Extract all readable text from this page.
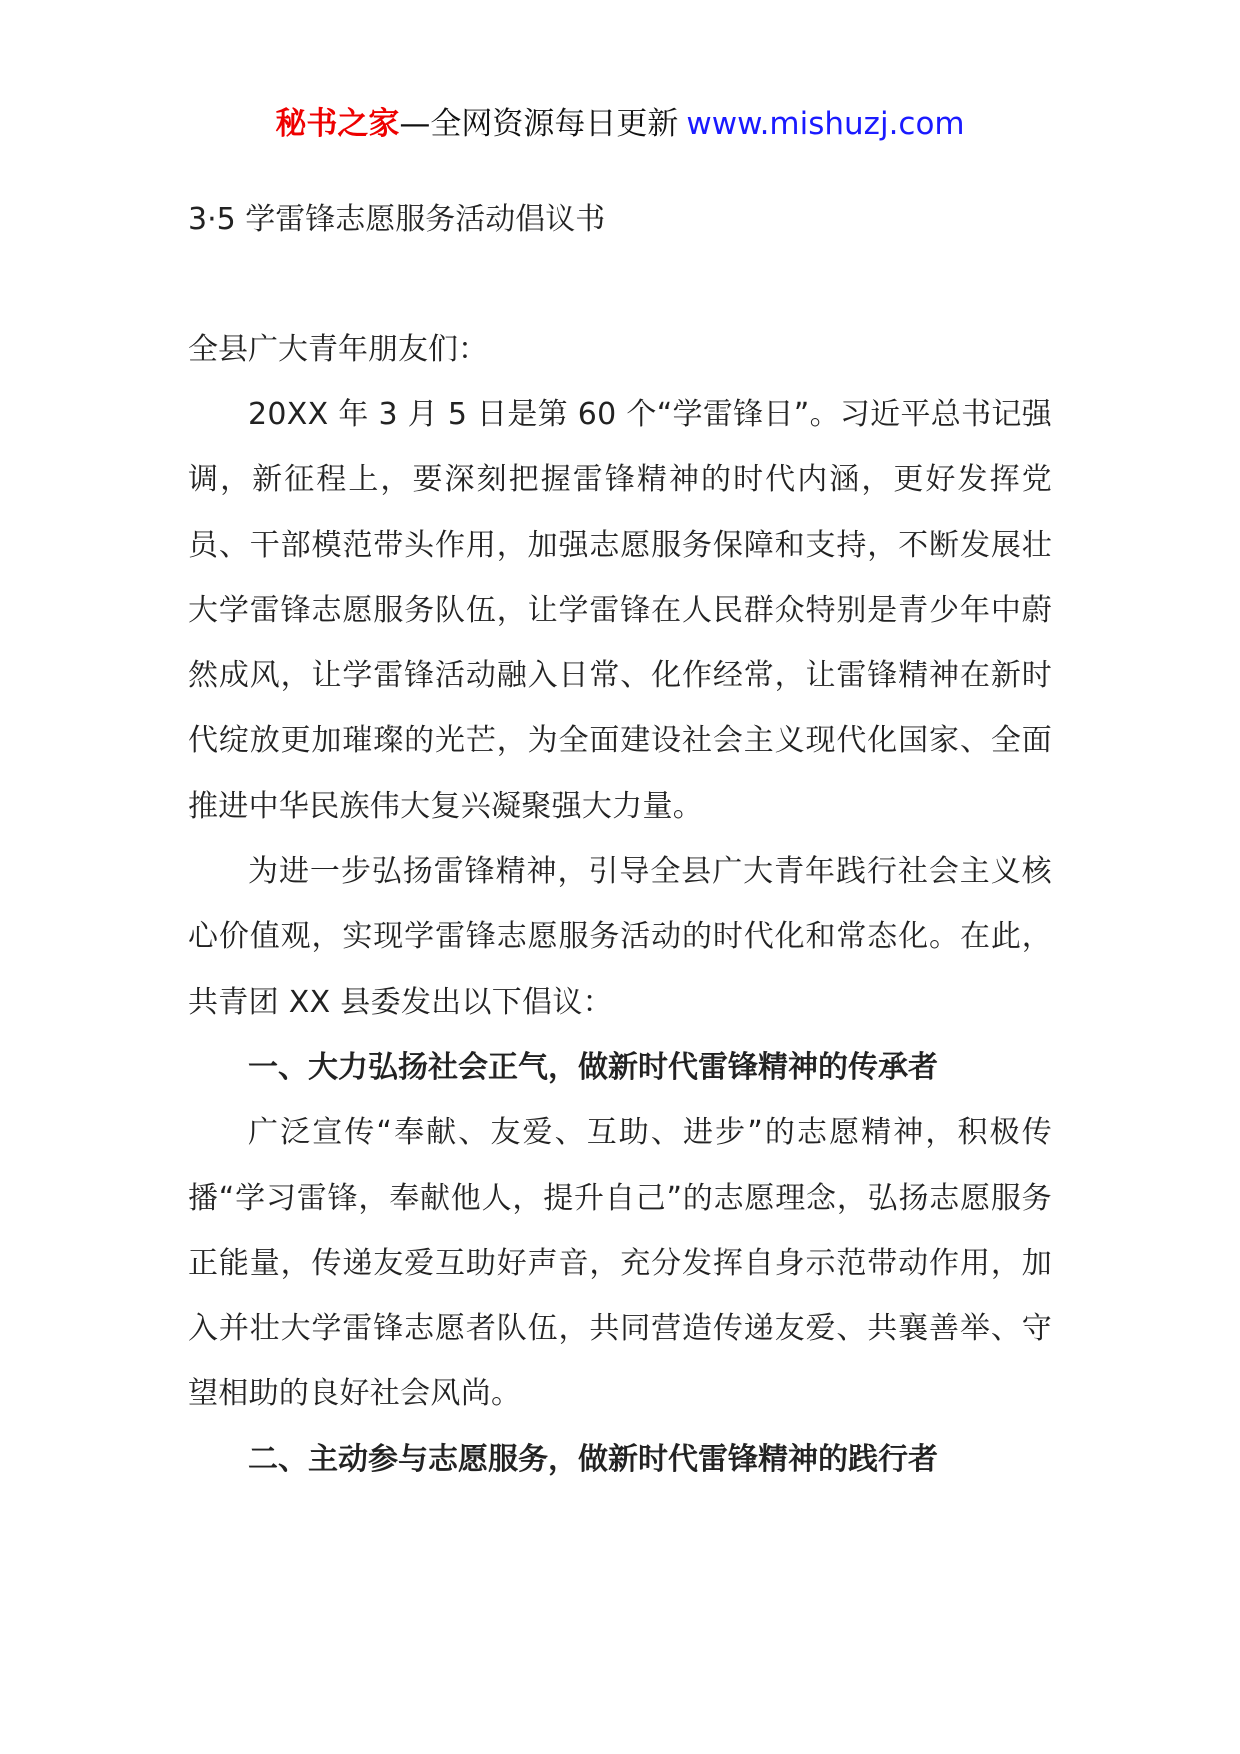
秘书之家—全网资源每日更新 www.mishuzj.com
3·5 学雷锋志愿服务活动倡议书
全县广大青年朋友们：

20XX 年 3 月 5 日是第 60 个“学雷锋日”。习近平总书记强调，新征程上，要深刻把握雷锋精神的时代内涵，更好发挥党员、干部模范带头作用，加强志愿服务保障和支持，不断发展壮大学雷锋志愿服务队伍，让学雷锋在人民群众特别是青少年中蔚然成风，让学雷锋活动融入日常、化作经常，让雷锋精神在新时代绽放更加璀璨的光芒，为全面建设社会主义现代化国家、全面推进中华民族伟大复兴凝聚强大力量。

为进一步弘扬雷锋精神，引导全县广大青年践行社会主义核心价值观，实现学雷锋志愿服务活动的时代化和常态化。在此，共青团 XX 县委发出以下倡议：

一、大力弘扬社会正气，做新时代雷锋精神的传承者

广泛宣传“奉献、友爱、互助、进步”的志愿精神，积极传播“学习雷锋，奉献他人，提升自己”的志愿理念，弘扬志愿服务正能量，传递友爱互助好声音，充分发挥自身示范带动作用，加入并壮大学雷锋志愿者队伍，共同营造传递友爱、共襄善举、守望相助的良好社会风尚。

二、主动参与志愿服务，做新时代雷锋精神的践行者
